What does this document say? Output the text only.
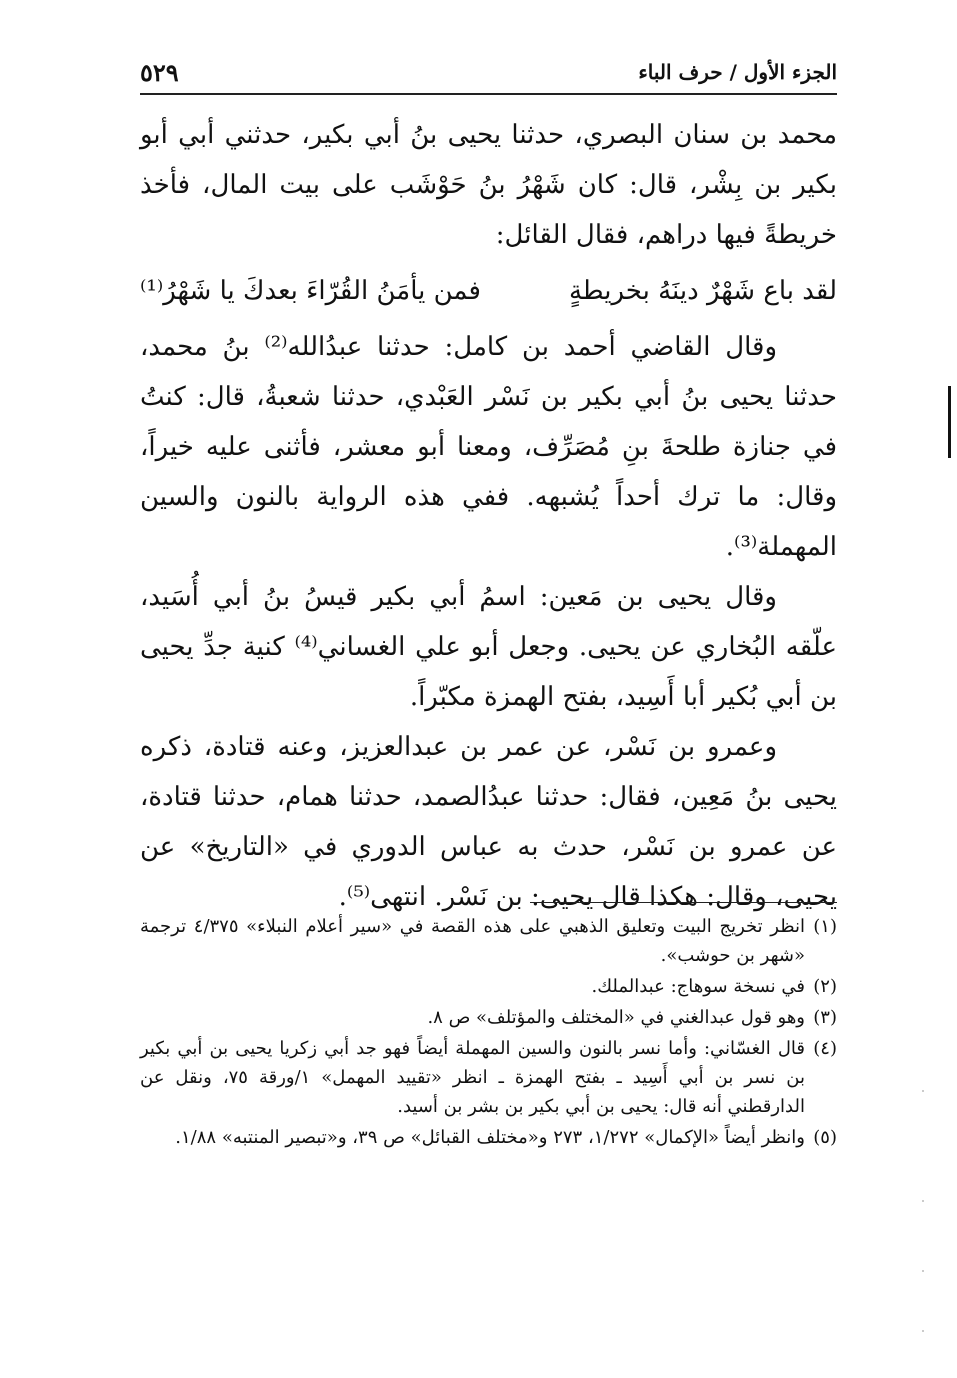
الجزء الأول / حرف الباء
٥٢٩

محمد بن سنان البصري، حدثنا يحيى بنُ أبي بكير، حدثني أبي أبو بكير بن بِشْر، قال: كان شَهْرُ بنُ حَوْشَب على بيت المال، فأخذ خريطةً فيها دراهم، فقال القائل:

لقد باع شَهْرٌ دينَهُ بخريطةٍ
فمن يأمَنُ القُرّاءَ بعدكَ يا شَهْرُ⁽¹⁾

وقال القاضي أحمد بن كامل: حدثنا عبدُالله⁽²⁾ بنُ محمد، حدثنا يحيى بنُ أبي بكير بن نَسْر العَبْدي، حدثنا شعبةُ، قال: كنتُ في جنازة طلحةَ بنِ مُصَرِّف، ومعنا أبو معشر، فأثنى عليه خيراً، وقال: ما ترك أحداً يُشبهه. ففي هذه الرواية بالنون والسين المهملة⁽³⁾.

وقال يحيى بن مَعين: اسمُ أبي بكير قيسُ بنُ أبي أُسَيد، علّقه البُخاري عن يحيى. وجعل أبو علي الغساني⁽⁴⁾ كنية جدِّ يحيى بن أبي بُكير أبا أَسِيد، بفتح الهمزة مكبّراً.

وعمرو بن نَسْر، عن عمر بن عبدالعزيز، وعنه قتادة، ذكره يحيى بنُ مَعِين، فقال: حدثنا عبدُالصمد، حدثنا همام، حدثنا قتادة، عن عمرو بن نَسْر، حدث به عباس الدوري في «التاريخ» عن يحيى، وقال: هكذا قال يحيى: بن نَسْر. انتهى⁽⁵⁾.

(١)
انظر تخريج البيت وتعليق الذهبي على هذه القصة في «سير أعلام النبلاء» ٤/٣٧٥ ترجمة «شهر بن حوشب».
(٢)
في نسخة سوهاج: عبدالملك.
(٣)
وهو قول عبدالغني في «المختلف والمؤتلف» ص ٨.
(٤)
قال الغسّاني: وأما نسر بالنون والسين المهملة أيضاً فهو جد أبي زكريا يحيى بن أبي بكير بن نسر بن أبي أَسِيد ـ بفتح الهمزة ـ انظر «تقييد المهمل» ١/ورقة ٧٥، ونقل عن الدارقطني أنه قال: يحيى بن أبي بكير بن بشر بن أسيد.
(٥)
وانظر أيضاً «الإكمال» ١/٢٧٢، ٢٧٣ و«مختلف القبائل» ص ٣٩، و«تبصير المنتبه» ١/٨٨.
